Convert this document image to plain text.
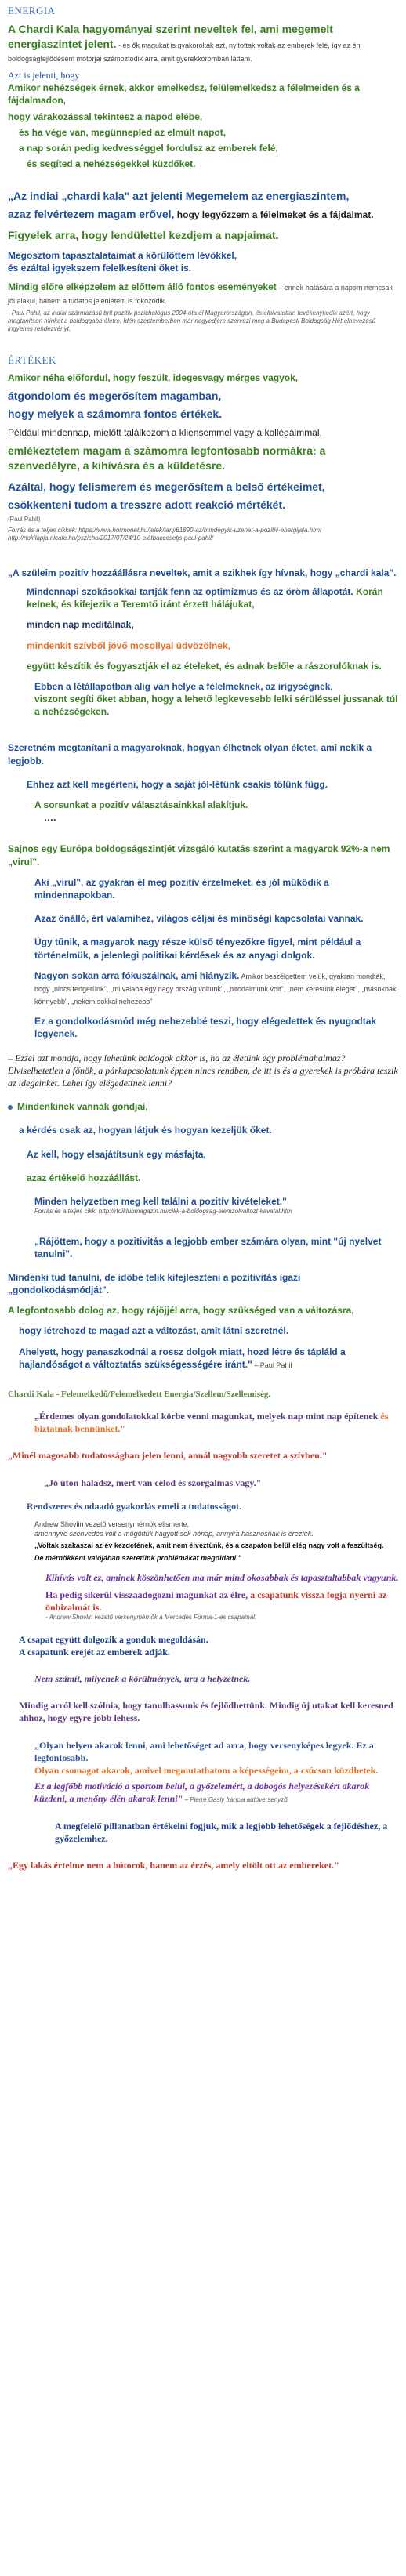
ENERGIA

A Chardi Kala hagyományai szerint neveltek fel, ami megemelt energiaszintet jelent. - és ők magukat is gyakorolták azt, nyitottak voltak az emberek felé, így az én boldogságfejlődésem motorjai számoztodik arra, amit gyerekkoromban láttam.

Azt is jelenti, hogy

Amikor nehézségek érnek, akkor emelkedsz, felülemelkedsz a félelmeiden és a fájdalmadon,

hogy várakozással tekintesz a napod elébe,

és ha vége van, megünnepled az elmúlt napot,

a nap során pedig kedvességgel fordulsz az emberek felé,

és segíted a nehézségekkel küzdőket.

„Az indiai „chardi kala" azt jelenti Megemelem az energiaszintem,

azaz felvértezem magam erővel, hogy legyőzzem a félelmeket és a fájdalmat.

Figyelek arra, hogy lendülettel kezdjem a napjaimat.

Megosztom tapasztalataimat a körülöttem lévőkkel,

és ezáltal igyekszem felelkesíteni őket is.

Mindig előre elképzelem az előttem álló fontos eseményeket – ennek hatására a napom nemcsak jól alakul, hanem a tudatos jelenlétem is fokozódik.

- Paul Pahil, az indiai származású brit pozitív pszichológus 2004-óta él Magyarországon, és elhivatottan tevékenykedik azért, hogy megtanítson minket a boldoggabb életre. Idén szeptemberben már negyedjére szervezi meg a Budapesti Boldogság Hét elnevezésű ingyenes rendezvényt.

ÉRTÉKEK

Amikor néha előfordul, hogy feszült, idegesvagy mérges vagyok,

átgondolom és megerősítem magamban,

hogy melyek a számomra fontos értékek.

Például mindennap, mielőtt találkozom a kliensemmel vagy a kollégáimmal,

emlékeztetem magam a számomra legfontosabb normákra: a szenvedélyre, a kihívásra és a küldetésre.

Azáltal, hogy felismerem és megerősítem a belső értékeimet,

csökkenteni tudom a tresszre adott reakció mértékét.

(Paul Pahil)

Forrás és a teljes cikkek: https://www.hormonet.hu/lelek/tanj/61890-az/mindegyik-uzenet-a-pozitiv-energijaja.html

http://nokilapja.nlcafe.hu/pszicho/2017/07/24/10-elétbaccesetjs-paul-pahil/

„A szüleim pozitív hozzáállásra neveltek, amit a szikhek így hívnak, hogy „chardi kala".

Mindennapi szokásokkal tartják fenn az optimizmus és az öröm állapotát. Korán kelnek, és kifejezik a Teremtő iránt érzett hálájukat,

minden nap meditálnak,

mindenkit szívből jövő mosollyal üdvözölnek,

együtt készítik és fogyasztják el az ételeket, és adnak belőle a rászorulóknak is.

Ebben a létállapotban alig van helye a félelmeknek, az irigységnek,

viszont segíti őket abban, hogy a lehető legkevesebb lelki sérüléssel jussanak túl a nehézségeken.

Szeretném megtanítani a magyaroknak, hogyan élhetnek olyan életet, ami nekik a legjobb.

Ehhez azt kell megérteni, hogy a saját jól-létünk csakis tőlünk függ.

A sorsunkat a pozitív választásainkkal alakítjuk.

….

Sajnos egy Európa boldogságszintjét vizsgáló kutatás szerint a magyarok 92%-a nem „virul".

Aki „virul", az gyakran él meg pozitív érzelmeket, és jól működik a mindennapokban.

Azaz önálló, ért valamihez, világos céljai és minőségi kapcsolatai vannak.

Úgy tűnik, a magyarok nagy része külső tényezőkre figyel, mint például a történelmük, a jelenlegi politikai kérdések és az anyagi dolgok.

Nagyon sokan arra fókuszálnak, ami hiányzik. Amikor beszélgettem velük, gyakran mondták, hogy „nincs tengerünk", „mi valaha egy nagy ország voltunk", „birodalmunk volt", „nem keresünk eleget", „másoknak könnyebb", „nekem sokkal nehezebb"

Ez a gondolkodásmód még nehezebbé teszi, hogy elégedettek és nyugodtak legyenek.

– Ezzel azt mondja, hogy lehetünk boldogok akkor is, ha az életünk egy problémahalmaz? Elviselhetetlen a főnök, a párkapcsolatunk éppen nincs rendben, de itt is és a gyerekek is próbára teszik az idegeinket. Lehet így elégedettnek lenni?

Mindenkinek vannak gondjai,

a kérdés csak az, hogyan látjuk és hogyan kezeljük őket.

Az kell, hogy elsajátítsunk egy másfajta,

azaz értékelő hozzáállást.

Minden helyzetben meg kell találni a pozitív kivételeket."

Forrás és a teljes cikk: http://rtdiklubmagazin.hu/cikk-a-boldogsag-elemzolvaltozt-kavatal.htm

„Rájöttem, hogy a pozitivitás a legjobb ember számára olyan, mint "új nyelvet tanulni".

Mindenki tud tanulni, de időbe telik kifejleszteni a pozitivitás ígazi „gondolkodásmódját".

A legfontosabb dolog az, hogy rájöjjél arra, hogy szükséged van a változásra,

hogy létrehozd te magad azt a változást, amit látni szeretnél.

Ahelyett, hogy panaszkodnál a rossz dolgok miatt, hozd létre és tápláld a hajlandóságot a változtatás szükségességére iránt." – Paul Pahil

Chardi Kala - Felemelkedő/Felemelkedett Energia/Szellem/Szellemiség.

„Érdemes olyan gondolatokkal körbe venni magunkat, melyek nap mint nap építenek és biztatnak bennünket."

„Minél magosabb tudatosságban jelen lenni, annál nagyobb szeretet a szívben."

„Jó úton haladsz, mert van célod és szorgalmas vagy."

Rendszeres és odaadó gyakorlás emeli a tudatosságot.

Andrew Shovlin vezető versenymérnök elismerte,

ámennyire szenvedés volt a mögöttük hagyott sok hónap, annyira hasznosnak is érezték.

„Voltak szakaszai az év kezdetének, amit nem élveztünk, és a csapaton belül elég nagy volt a feszültség.

De mérnökként valójában szeretünk problémákat megoldani."

Kihívás volt ez, aminek köszönhetően ma már mind okosabbak és tapasztaltabbak vagyunk.

Ha pedig sikerül visszaadogozni magunkat az élre, a csapatunk vissza fogja nyerni az önbizalmát is.

- Andrew Shovlin vezető versenymérnök a Mercedes Forma-1-es csapatnál.

A csapat együtt dolgozik a gondok megoldásán.

A csapatunk erejét az emberek adják.

Nem számít, milyenek a körülmények, ura a helyzetnek.

Mindig arról kell szólnia, hogy tanulhassunk és fejlődhettünk. Mindig új utakat kell keresned ahhoz, hogy egyre jobb lehess.

„Olyan helyen akarok lenni, ami lehetőséget ad arra, hogy versenyképes legyek. Ez a legfontosabb.

Olyan csomagot akarok, amivel megmutathatom a képességeim, a csúcson küzdhetek.

Ez a legfőbb motiváció a sportom belül, a győzelemért, a dobogós helyezésekért akarok küzdeni, a menőny élén akarok lenni" – Pierre Gasly francia autóversenyző

A megfelelő pillanatban értékelni fogjuk, mik a legjobb lehetőségek a fejlődéshez, a győzelemhez.

„Egy lakás értelme nem a bútorok, hanem az érzés, amely eltölt ott az embereket."
